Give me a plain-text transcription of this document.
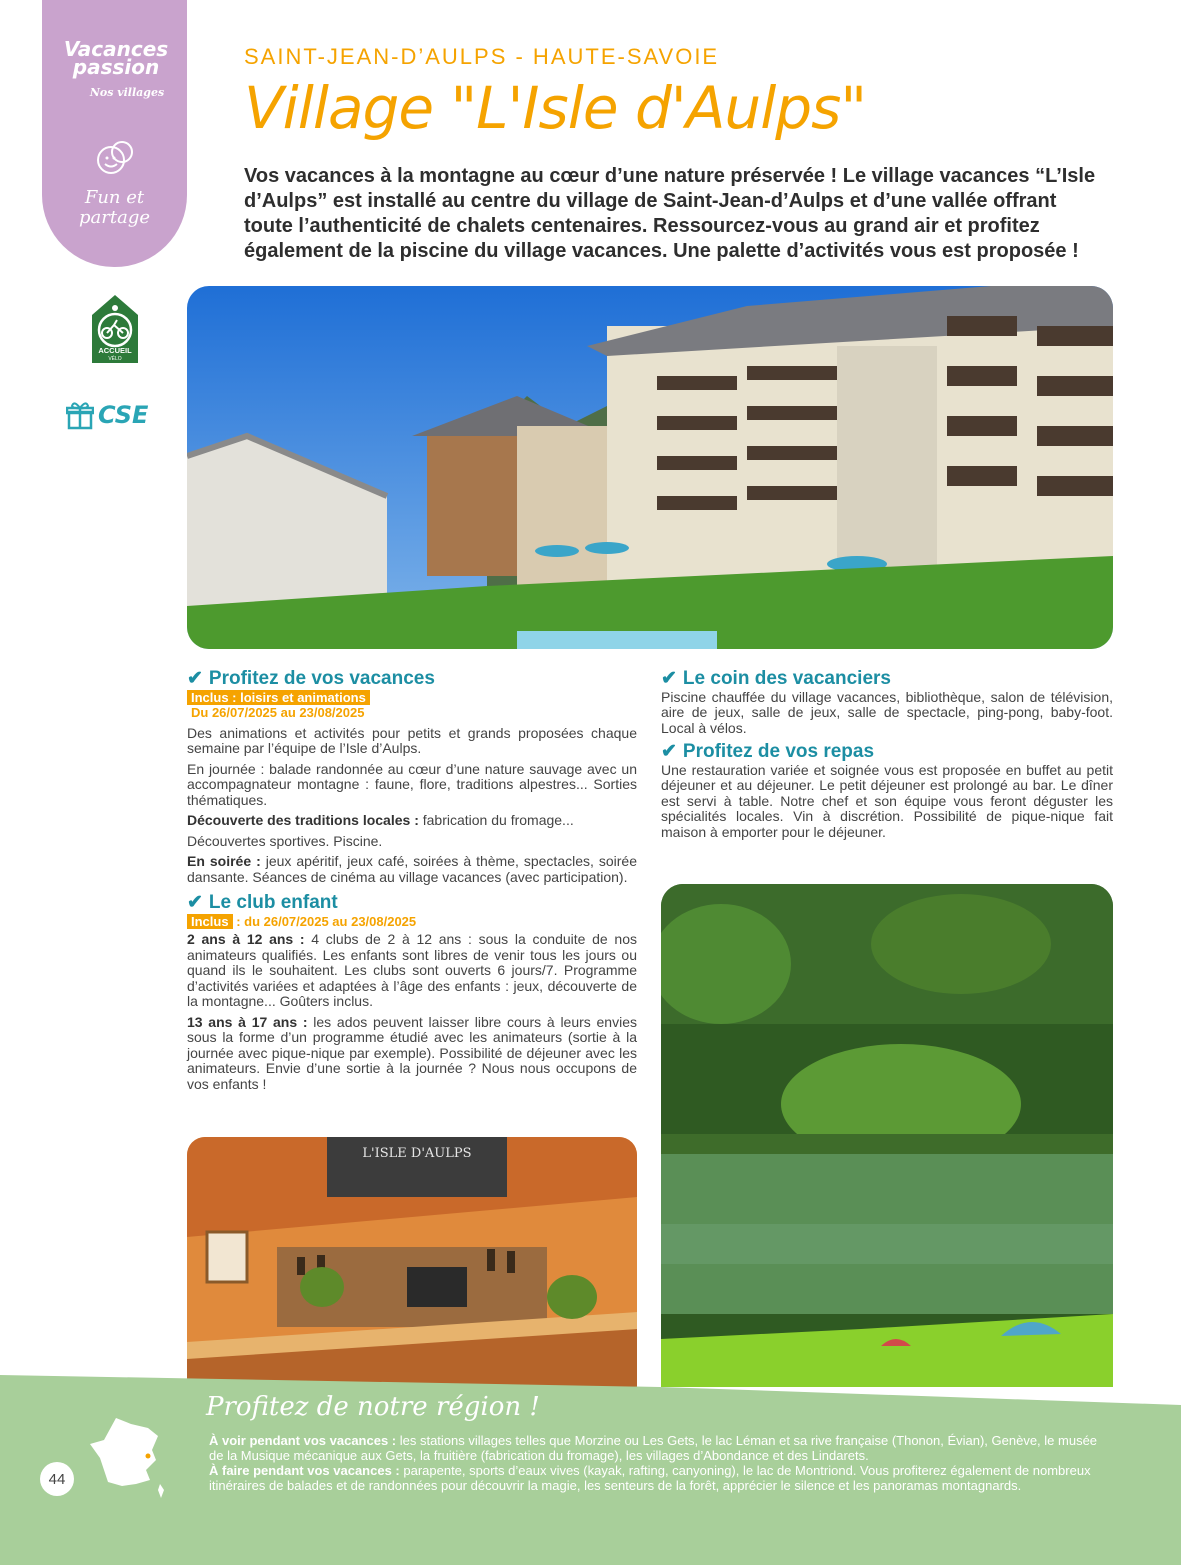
Vacances passion
Nos villages
Fun et partage
ACCUEIL
VÉLO
CSE
SAINT-JEAN-D’AULPS - HAUTE-SAVOIE
Village "L'Isle d'Aulps"
Vos vacances à la montagne au cœur d’une nature préservée ! Le village vacances “L’Isle d’Aulps” est installé au centre du village de Saint-Jean-d’Aulps et d’une vallée offrant toute l’authenticité de chalets centenaires. Ressourcez-vous au grand air et profitez également de la piscine du village vacances. Une palette d’activités vous est proposée !
✔ Profitez de vos vacances
Inclus : loisirs et animations
Du 26/07/2025 au 23/08/2025

Des animations et activités pour petits et grands proposées chaque semaine par l’équipe de l’Isle d’Aulps.

En journée : balade randonnée au cœur d’une nature sauvage avec un accompagnateur montagne : faune, flore, traditions alpestres... Sorties thématiques.

Découverte des traditions locales : fabrication du fromage...

Découvertes sportives. Piscine.

En soirée : jeux apéritif, jeux café, soirées à thème, spectacles, soirée dansante. Séances de cinéma au village vacances (avec participation).

✔ Le club enfant
Inclus : du 26/07/2025 au 23/08/2025

2 ans à 12 ans : 4 clubs de 2 à 12 ans : sous la conduite de nos animateurs qualifiés. Les enfants sont libres de venir tous les jours ou quand ils le souhaitent. Les clubs sont ouverts 6 jours/7. Programme d’activités variées et adaptées à l’âge des enfants : jeux, découverte de la montagne... Goûters inclus.

13 ans à 17 ans : les ados peuvent laisser libre cours à leurs envies sous la forme d’un programme étudié avec les animateurs (sortie à la journée avec pique-nique par exemple). Possibilité de déjeuner avec les animateurs. Envie d’une sortie à la journée ? Nous nous occupons de vos enfants !

✔ Le coin des vacanciers

Piscine chauffée du village vacances, bibliothèque, salon de télévision, aire de jeux, salle de jeux, salle de spectacle, ping-pong, baby-foot. Local à vélos.

✔ Profitez de vos repas

Une restauration variée et soignée vous est proposée en buffet au petit déjeuner et au déjeuner. Le petit déjeuner est prolongé au bar. Le dîner est servi à table. Notre chef et son équipe vous feront déguster les spécialités locales. Vin à discrétion. Possibilité de pique-nique fait maison à emporter pour le déjeuner.

L'ISLE D'AULPS
Profitez de notre région !
À voir pendant vos vacances : les stations villages telles que Morzine ou Les Gets, le lac Léman et sa rive française (Thonon, Évian), Genève, le musée de la Musique mécanique aux Gets, la fruitière (fabrication du fromage), les villages d’Abondance et des Lindarets.
À faire pendant vos vacances : parapente, sports d’eaux vives (kayak, rafting, canyoning), le lac de Montriond. Vous profiterez également de nombreux itinéraires de balades et de randonnées pour découvrir la magie, les senteurs de la forêt, apprécier le silence et les panoramas montagnards.
44
